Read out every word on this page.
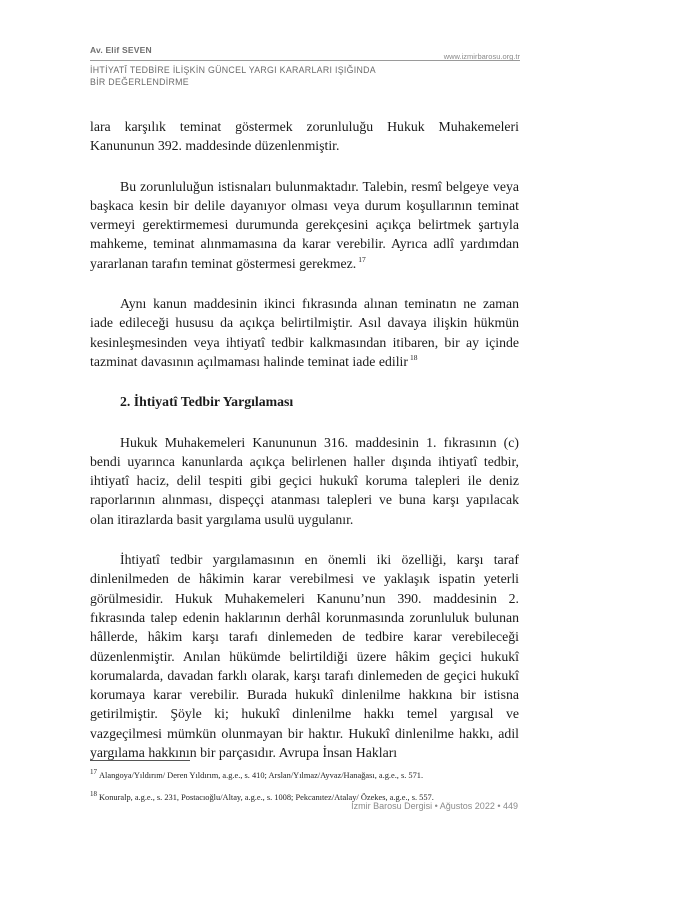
Av. Elif SEVEN
www.izmirbarosu.org.tr
İHTİYATÎ TEDBİRE İLİŞKİN GÜNCEL YARGI KARARLARI IŞIĞINDA
BİR DEĞERLENDİRME

lara karşılık teminat göstermek zorunluluğu Hukuk Muhakemeleri Kanununun 392. maddesinde düzenlenmiştir.

Bu zorunluluğun istisnaları bulunmaktadır. Talebin, resmî belgeye veya başkaca kesin bir delile dayanıyor olması veya durum koşullarının teminat vermeyi gerektirmemesi durumunda gerekçesini açıkça belirtmek şartıyla mahkeme, teminat alınmamasına da karar verebilir. Ayrıca adlî yardımdan yararlanan tarafın teminat göstermesi gerekmez. $^{17}$

Aynı kanun maddesinin ikinci fıkrasında alınan teminatın ne zaman iade edileceği hususu da açıkça belirtilmiştir. Asıl davaya ilişkin hükmün kesinleşmesinden veya ihtiyatî tedbir kalkmasından itibaren, bir ay içinde tazminat davasının açılmaması halinde teminat iade edilir $^{18}$

2. İhtiyatî Tedbir Yargılaması

Hukuk Muhakemeleri Kanununun 316. maddesinin 1. fıkrasının (c) bendi uyarınca kanunlarda açıkça belirlenen haller dışında ihtiyatî tedbir, ihtiyatî haciz, delil tespiti gibi geçici hukukî koruma talepleri ile deniz raporlarının alınması, dispeççi atanması talepleri ve buna karşı yapılacak olan itirazlarda basit yargılama usulü uygulanır.

İhtiyatî tedbir yargılamasının en önemli iki özelliği, karşı taraf dinlenilmeden de hâkimin karar verebilmesi ve yaklaşık ispatin yeterli görülmesidir. Hukuk Muhakemeleri Kanunu’nun 390. maddesinin 2. fıkrasında talep edenin haklarının derhâl korunmasında zorunluluk bulunan hâllerde, hâkim karşı tarafı dinlemeden de tedbire karar verebileceği düzenlenmiştir. Anılan hükümde belirtildiği üzere hâkim geçici hukukî korumalarda, davadan farklı olarak, karşı tarafı dinlemeden de geçici hukukî korumaya karar verebilir. Burada hukukî dinlenilme hakkına bir istisna getirilmiştir. Şöyle ki; hukukî dinlenilme hakkı temel yargısal ve vazgeçilmesi mümkün olunmayan bir haktır. Hukukî dinlenilme hakkı, adil yargılama hakkının bir parçasıdır. Avrupa İnsan Hakları

$^{17}$ Alangoya/Yıldırım/ Deren Yıldırım, a.g.e., s. 410; Arslan/Yılmaz/Ayvaz/Hanağası, a.g.e., s. 571.

$^{18}$ Konuralp, a.g.e., s. 231, Postacıoğlu/Altay, a.g.e., s. 1008; Pekcanıtez/Atalay/ Özekes, a.g.e., s. 557.

İzmir Barosu Dergisi • Ağustos 2022 • 449
